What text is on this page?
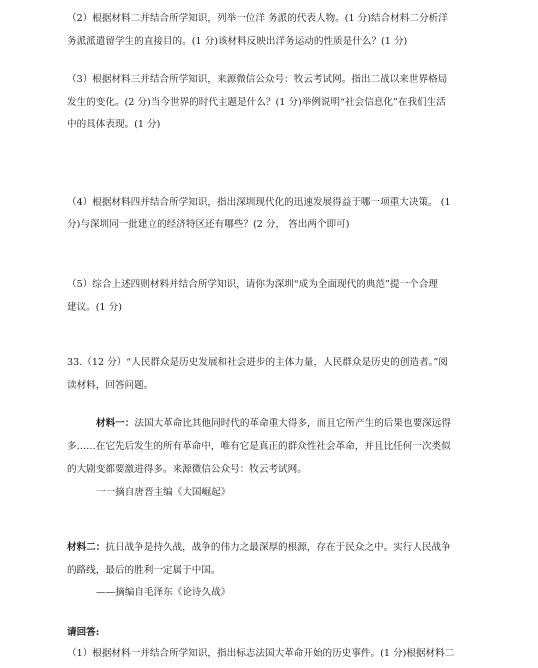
（2）根据材料二并结合所学知识，列举一位洋 务派的代表人物。(1 分)结合材料二分析洋
务派派遣留学生的直接目的。(1 分)该材料反映出洋务运动的性质是什么？(1 分)
（3）根据材料三并结合所学知识，来源微信公众号：牧云考试网。指出二战以来世界格局
发生的变化。(2 分)当今世界的时代主题是什么？(1 分)举例说明“社会信息化”在我们生活
中的具体表现。(1 分)
（4）根据材料四并结合所学知识，指出深圳现代化的迅速发展得益于哪一项重大决策。 (1
分)与深圳同一批建立的经济特区还有哪些？(2 分， 答出两个即可)
（5）综合上述四则材料并结合所学知识，请你为深圳“成为全面现代的典范”提一个合理
建议。(1 分)
33.（12 分）“人民群众是历史发展和社会进步的主体力量，人民群众是历史的创造者。”阅
读材料，回答问题。
材料一：法国大革命比其他同时代的革命重大得多，而且它所产生的后果也要深远得
多……在它先后发生的所有革命中，唯有它是真正的群众性社会革命，并且比任何一次类似
的大剧变都要激进得多。来源微信公众号：牧云考试网。
一一摘自唐晋主编《大国崛起》
材料二：抗日战争是持久战，战争的伟力之最深厚的根源，存在于民众之中。实行人民战争
的路线，最后的胜利一定属于中国。
——摘编自毛泽东《论诗久战》
请回答:
（1）根据材料一并结合所学知识，指出标志法国大革命开始的历史事件。(1 分)根据材料二
